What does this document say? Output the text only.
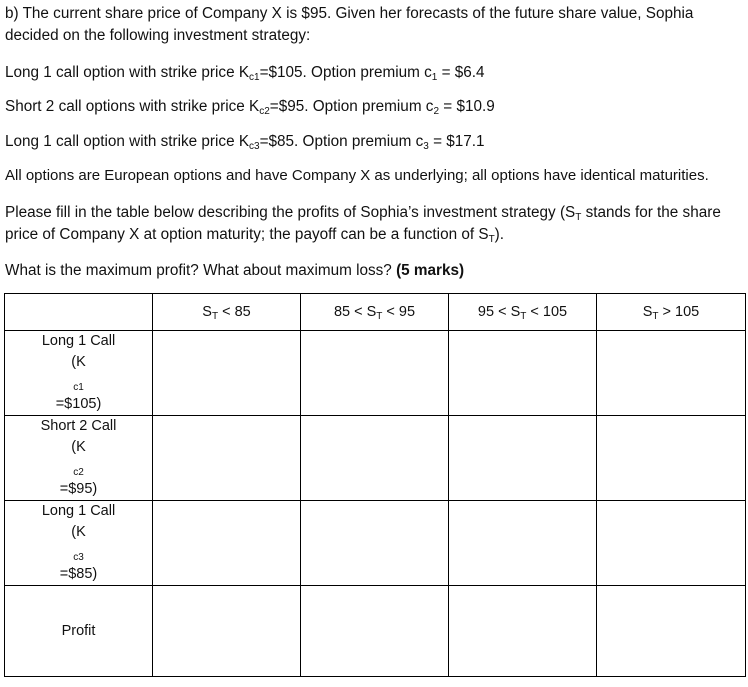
b) The current share price of Company X is $95. Given her forecasts of the future share value, Sophia decided on the following investment strategy:

Long 1 call option with strike price $K_{c1}=\$105$. Option premium $c_1$ = $6.4

Short 2 call options with strike price $K_{c2}=\$95$. Option premium $c_2$ = $10.9

Long 1 call option with strike price $K_{c3}=\$85$. Option premium $c_3$ = $17.1

All options are European options and have Company X as underlying; all options have identical maturities.

Please fill in the table below describing the profits of Sophia’s investment strategy ($S_T$ stands for the share price of Company X at option maturity; the payoff can be a function of $S_T$).

What is the maximum profit? What about maximum loss? (5 marks)

	$S_T < 85$	$85 < S_T < 95$	$95 < S_T < 105$	$S_T > 105$

Long 1 Call
(K
$_{c1}$
=$105)				

Short 2 Call
(K
$_{c2}$
=$95)				

Long 1 Call
(K
$_{c3}$
=$85)				

Profit				
